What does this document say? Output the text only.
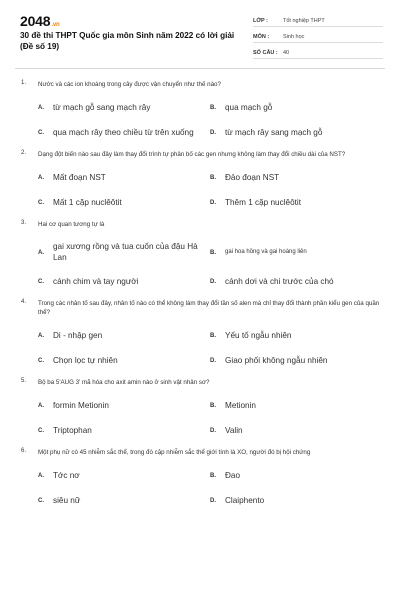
2048.vn
30 đề thi THPT Quốc gia môn Sinh năm 2022 có lời giải (Đề số 19)
LỚP :	Tốt nghiệp THPT
MÔN :	Sinh học
SỐ CÂU : 40
1. Nước và các ion khoáng trong cây được vận chuyển như thế nào?
A.	từ mạch gỗ sang mạch rây	B.	qua mạch gỗ
C.	qua mạch rây theo chiều từ trên xuống	D.	từ mạch rây sang mạch gỗ
2. Dạng đột biến nào sau đây làm thay đổi trình tự phân bố các gen nhưng không làm thay đổi chiều dài của NST?
A.	Mất đoạn NST	B.	Đảo đoạn NST
C.	Mất 1 cặp nuclêôtit	D.	Thêm 1 cặp nuclêôtit
3. Hai cơ quan tương tự là
A.
gai xương rồng và tua cuốn của đậu Hà Lan	B.	gai hoa hồng và gai hoàng liên
C.	cánh chim và tay người	D.	cánh dơi và chi trước của chó
4. Trong các nhân tố sau đây, nhân tố nào có thể không làm thay đổi tần số alen mà chỉ thay đổi thành phần kiểu gen của quần thể?
A.	Di - nhập gen	B.	Yếu tố ngẫu nhiên
C.	Chọn lọc tự nhiên	D.	Giao phối không ngẫu nhiên
5. Bộ ba 5'AUG 3' mã hóa cho axit amin nào ở sinh vật nhân sơ?
A.	formin Metionin	B.	Metionin
C.	Triptophan	D.	Valin
6. Một phụ nữ có 45 nhiễm sắc thể, trong đó cặp nhiễm sắc thể giới tính là XO, người đó bị hội chứng
A.	Tớc nơ	B.	Đao
C.	siêu nữ	D.	Claiphento
